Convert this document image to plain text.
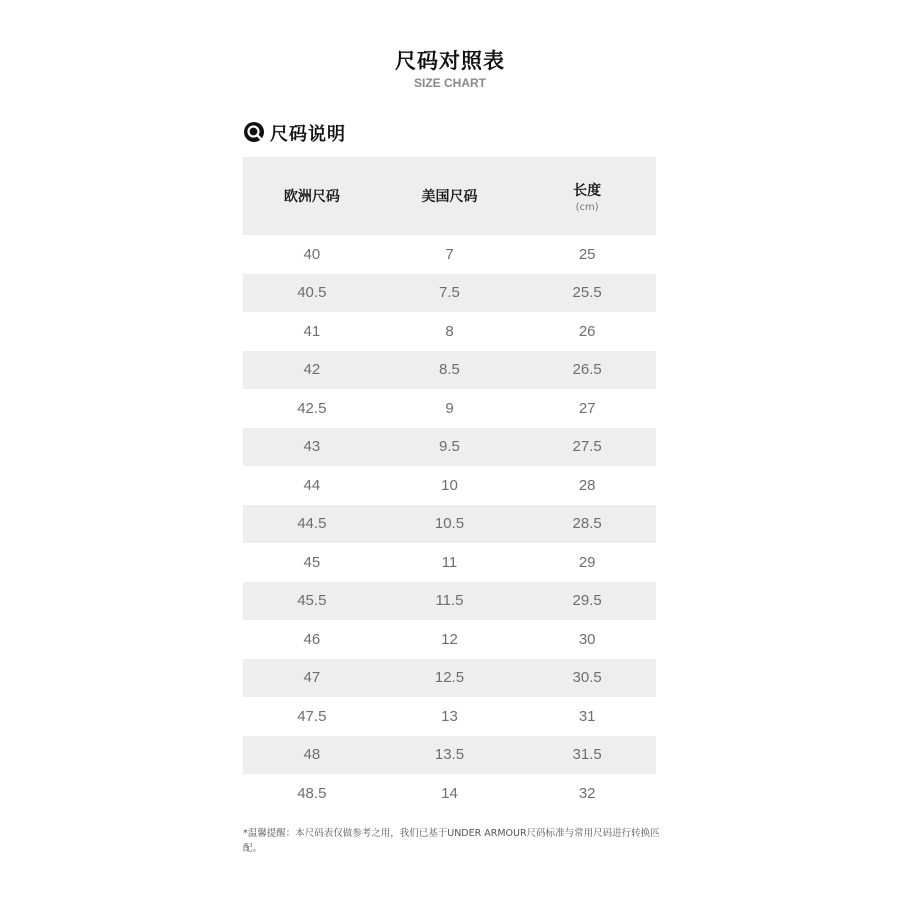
尺码对照表
SIZE CHART
尺码说明
欧洲尺码	美国尺码	长度
(cm)

40	7	25
40.5	7.5	25.5
41	8	26
42	8.5	26.5
42.5	9	27
43	9.5	27.5
44	10	28
44.5	10.5	28.5
45	11	29
45.5	11.5	29.5
46	12	30
47	12.5	30.5
47.5	13	31
48	13.5	31.5
48.5	14	32
*温馨提醒：本尺码表仅做参考之用，我们已基于UNDER ARMOUR尺码标准与常用尺码进行转换匹配。
